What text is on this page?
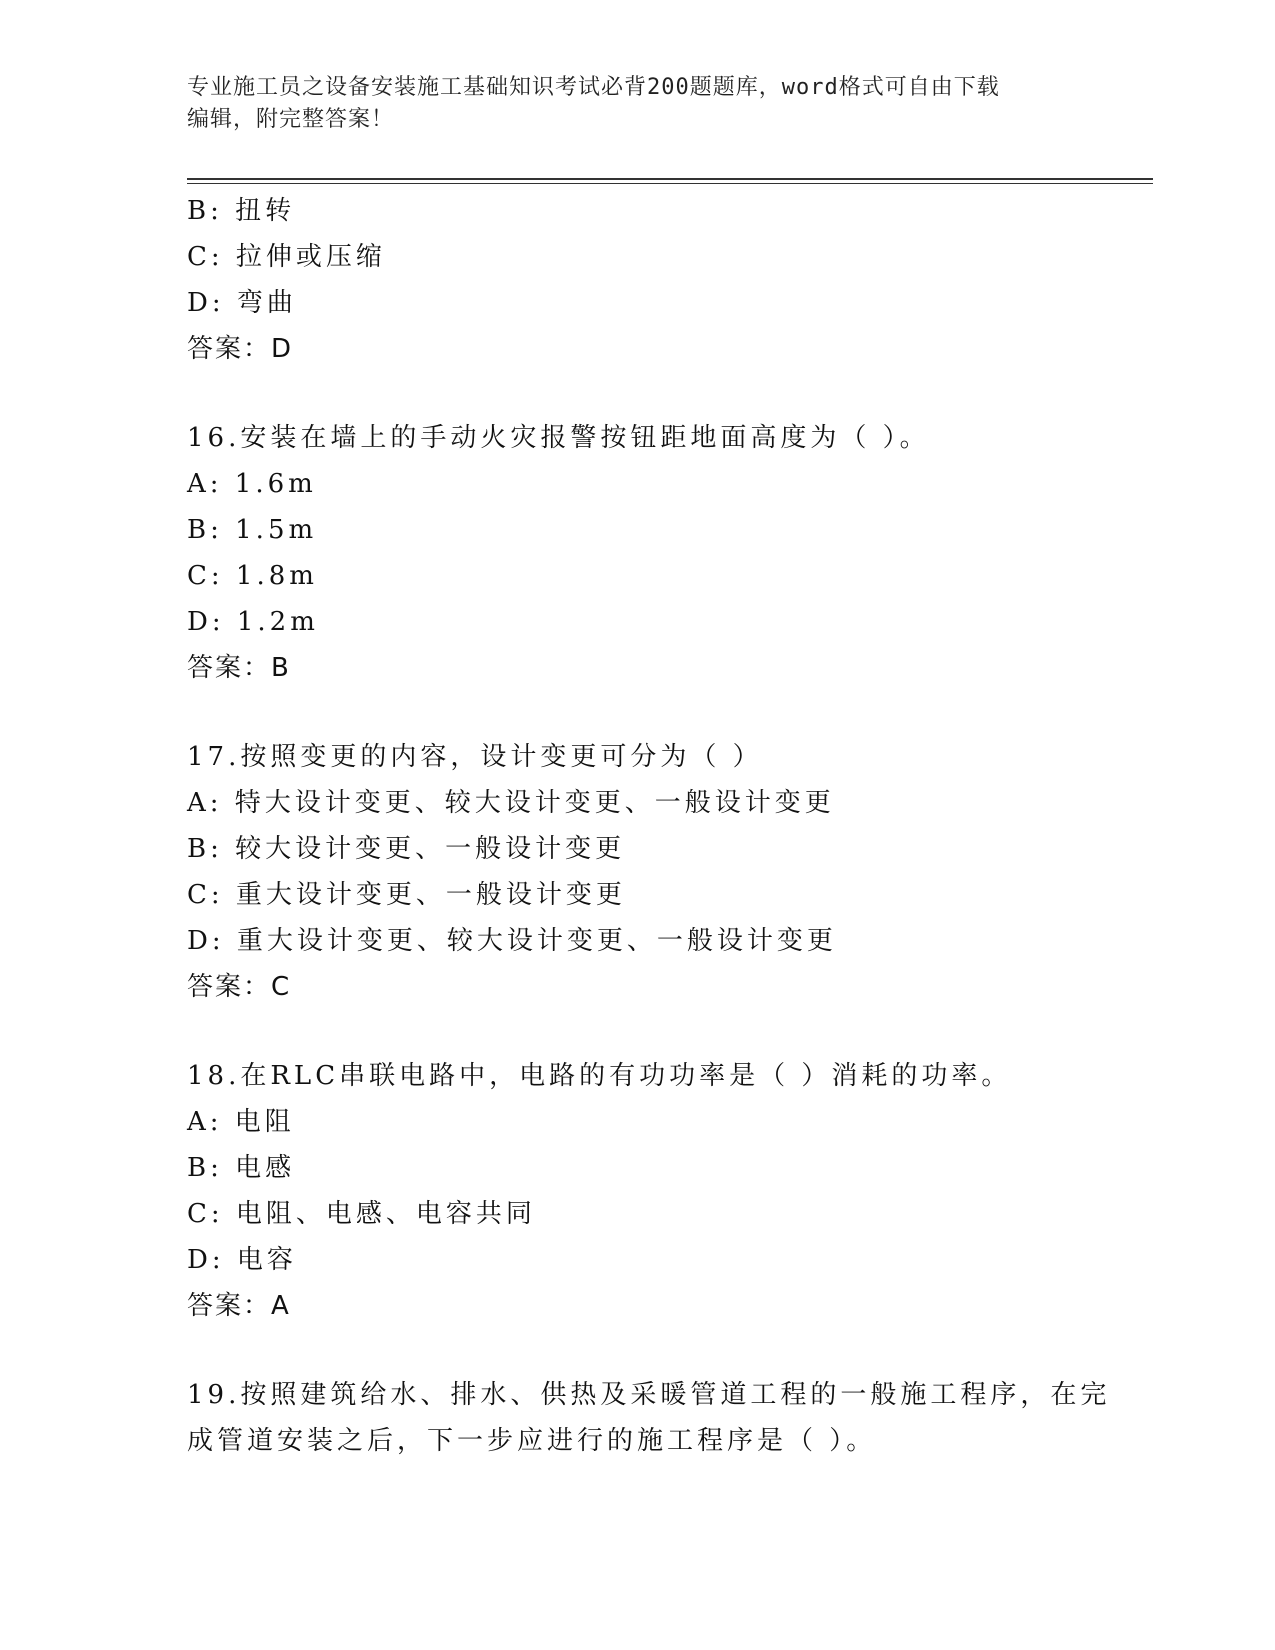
专业施工员之设备安装施工基础知识考试必背200题题库，word格式可自由下载

编辑，附完整答案！

B: 扭转
C: 拉伸或压缩
D: 弯曲
答案：D
16.安装在墙上的手动火灾报警按钮距地面高度为（ ）。
A: 1.6m
B: 1.5m
C: 1.8m
D: 1.2m
答案：B
17.按照变更的内容，设计变更可分为（ ）
A: 特大设计变更、较大设计变更、一般设计变更
B: 较大设计变更、一般设计变更
C: 重大设计变更、一般设计变更
D: 重大设计变更、较大设计变更、一般设计变更
答案：C
18.在RLC串联电路中，电路的有功功率是（ ）消耗的功率。
A: 电阻
B: 电感
C: 电阻、电感、电容共同
D: 电容
答案：A
19.按照建筑给水、排水、供热及采暖管道工程的一般施工程序，在完
成管道安装之后，下一步应进行的施工程序是（ ）。
